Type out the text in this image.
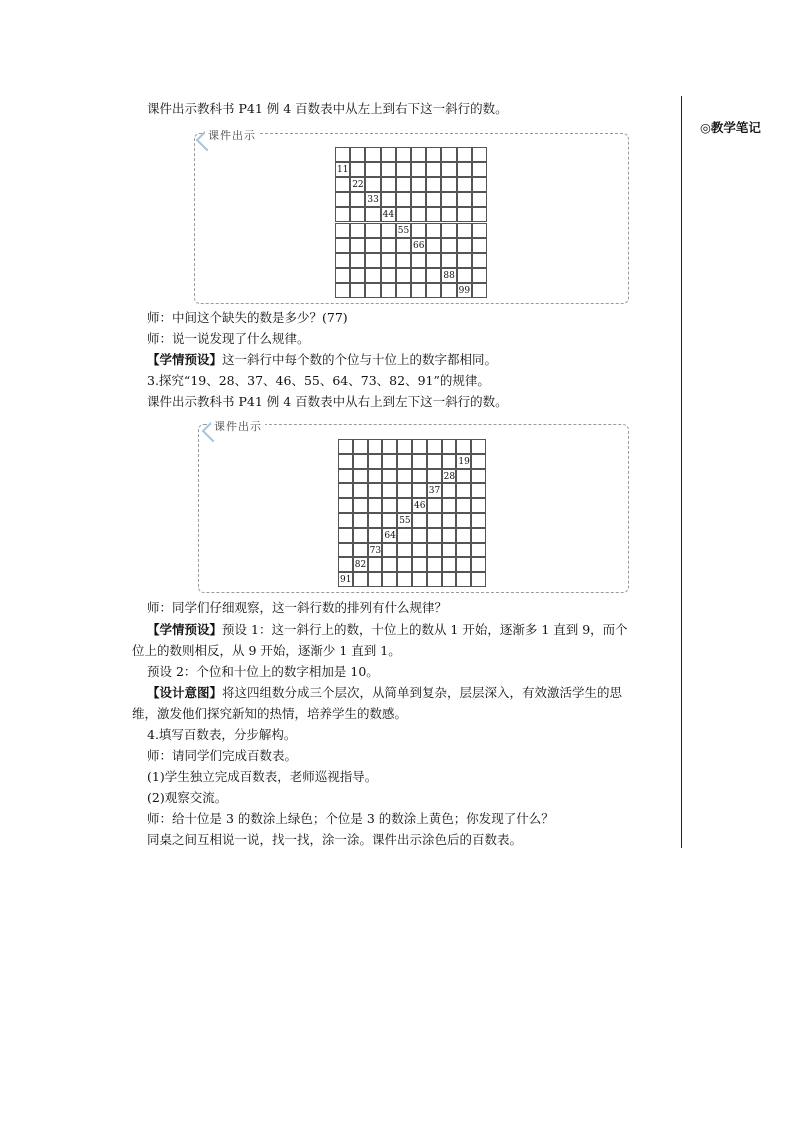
◎教学笔记
课件出示教科书 P41 例 4 百数表中从左上到右下这一斜行的数。
课件出示
11
22
33
44
55
66
88
99
师：中间这个缺失的数是多少？(77)
师：说一说发现了什么规律。
【学情预设】这一斜行中每个数的个位与十位上的数字都相同。
3.探究“19、28、37、46、55、64、73、82、91”的规律。
课件出示教科书 P41 例 4 百数表中从右上到左下这一斜行的数。
课件出示
19
28
37
46
55
64
73
82
91
师：同学们仔细观察，这一斜行数的排列有什么规律？
【学情预设】预设 1：这一斜行上的数，十位上的数从 1 开始，逐渐多 1 直到 9，而个
位上的数则相反，从 9 开始，逐渐少 1 直到 1。
预设 2：个位和十位上的数字相加是 10。
【设计意图】将这四组数分成三个层次，从简单到复杂，层层深入，有效激活学生的思
维，激发他们探究新知的热情，培养学生的数感。
4.填写百数表，分步解构。
师：请同学们完成百数表。
(1)学生独立完成百数表，老师巡视指导。
(2)观察交流。
师：给十位是 3 的数涂上绿色；个位是 3 的数涂上黄色；你发现了什么？
同桌之间互相说一说，找一找，涂一涂。课件出示涂色后的百数表。
